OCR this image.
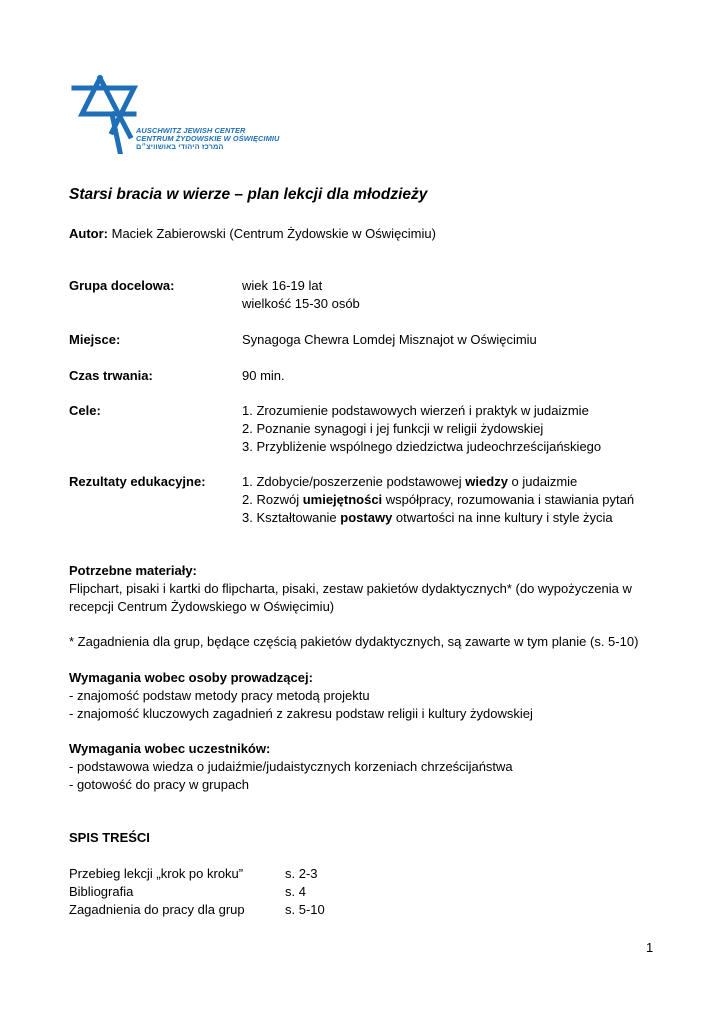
AUSCHWITZ JEWISH CENTER
CENTRUM ŻYDOWSKIE W OŚWIĘCIMIU
המרכז היהודי באושוויצ״ם
Starsi bracia w wierze – plan lekcji dla młodzieży
Autor: Maciek Zabierowski (Centrum Żydowskie w Oświęcimiu)
Grupa docelowa:	wiek 16-19 lat
wielkość 15-30 osób
Miejsce:	Synagoga Chewra Lomdej Misznajot w Oświęcimiu
Czas trwania:	90 min.
Cele:	1. Zrozumienie podstawowych wierzeń i praktyk w judaizmie
2. Poznanie synagogi i jej funkcji w religii żydowskiej
3. Przybliżenie wspólnego dziedzictwa judeochrześcijańskiego
Rezultaty edukacyjne:	1. Zdobycie/poszerzenie podstawowej wiedzy o judaizmie
2. Rozwój umiejętności współpracy, rozumowania i stawiania pytań
3. Kształtowanie postawy otwartości na inne kultury i style życia
Potrzebne materiały:
Flipchart, pisaki i kartki do flipcharta, pisaki, zestaw pakietów dydaktycznych* (do wypożyczenia w
recepcji Centrum Żydowskiego w Oświęcimiu)
* Zagadnienia dla grup, będące częścią pakietów dydaktycznych, są zawarte w tym planie (s. 5-10)
Wymagania wobec osoby prowadzącej:
- znajomość podstaw metody pracy metodą projektu
- znajomość kluczowych zagadnień z zakresu podstaw religii i kultury żydowskiej
Wymagania wobec uczestników:
- podstawowa wiedza o judaiźmie/judaistycznych korzeniach chrześcijaństwa
- gotowość do pracy w grupach
SPIS TREŚCI
Przebieg lekcji „krok po kroku”	s. 2-3
Bibliografia	s. 4
Zagadnienia do pracy dla grup	s. 5-10
1
